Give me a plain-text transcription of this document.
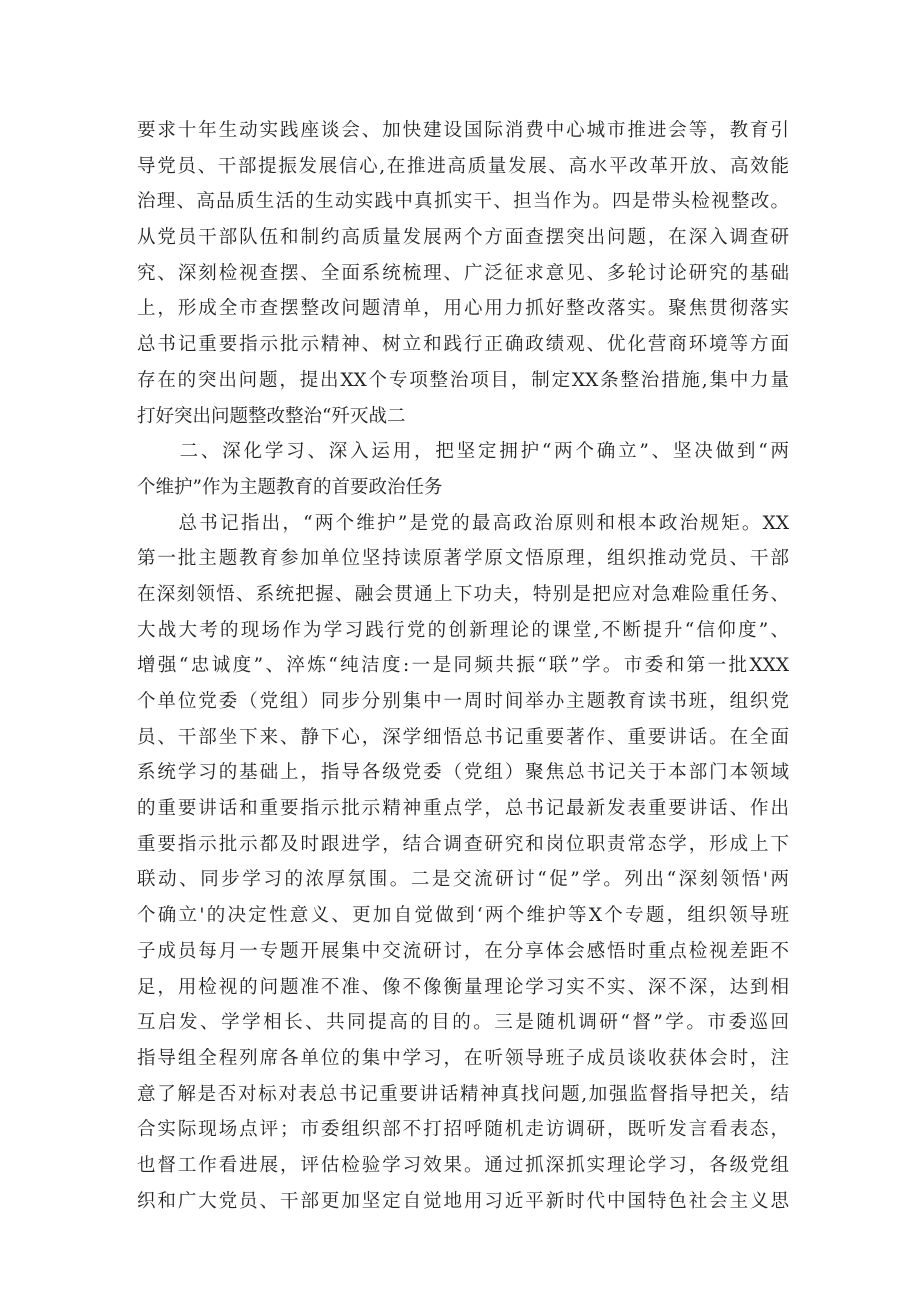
要求十年生动实践座谈会、加快建设国际消费中心城市推进会等，教育引
导党员、干部提振发展信心,在推进高质量发展、高水平改革开放、高效能
治理、高品质生活的生动实践中真抓实干、担当作为。四是带头检视整改。
从党员干部队伍和制约高质量发展两个方面查摆突出问题，在深入调查研
究、深刻检视查摆、全面系统梳理、广泛征求意见、多轮讨论研究的基础
上，形成全市查摆整改问题清单，用心用力抓好整改落实。聚焦贯彻落实
总书记重要指示批示精神、树立和践行正确政绩观、优化营商环境等方面
存在的突出问题，提出XX个专项整治项目，制定XX条整治措施,集中力量
打好突出问题整改整治“歼灭战二
　　二、深化学习、深入运用，把坚定拥护“两个确立”、坚决做到“两
个维护”作为主题教育的首要政治任务
　　总书记指出，“两个维护”是党的最高政治原则和根本政治规矩。XX
第一批主题教育参加单位坚持读原著学原文悟原理，组织推动党员、干部
在深刻领悟、系统把握、融会贯通上下功夫，特别是把应对急难险重任务、
大战大考的现场作为学习践行党的创新理论的课堂,不断提升“信仰度”、
增强“忠诚度”、淬炼“纯洁度:一是同频共振“联”学。市委和第一批XXX
个单位党委（党组）同步分别集中一周时间举办主题教育读书班，组织党
员、干部坐下来、静下心，深学细悟总书记重要著作、重要讲话。在全面
系统学习的基础上，指导各级党委（党组）聚焦总书记关于本部门本领域
的重要讲话和重要指示批示精神重点学，总书记最新发表重要讲话、作出
重要指示批示都及时跟进学，结合调查研究和岗位职责常态学，形成上下
联动、同步学习的浓厚氛围。二是交流研讨“促”学。列出“深刻领悟'两
个确立'的决定性意义、更加自觉做到‘两个维护等X个专题，组织领导班
子成员每月一专题开展集中交流研讨，在分享体会感悟时重点检视差距不
足，用检视的问题准不准、像不像衡量理论学习实不实、深不深，达到相
互启发、学学相长、共同提高的目的。三是随机调研“督”学。市委巡回
指导组全程列席各单位的集中学习，在听领导班子成员谈收获体会时，注
意了解是否对标对表总书记重要讲话精神真找问题,加强监督指导把关，结
合实际现场点评；市委组织部不打招呼随机走访调研，既听发言看表态，
也督工作看进展，评估检验学习效果。通过抓深抓实理论学习，各级党组
织和广大党员、干部更加坚定自觉地用习近平新时代中国特色社会主义思
